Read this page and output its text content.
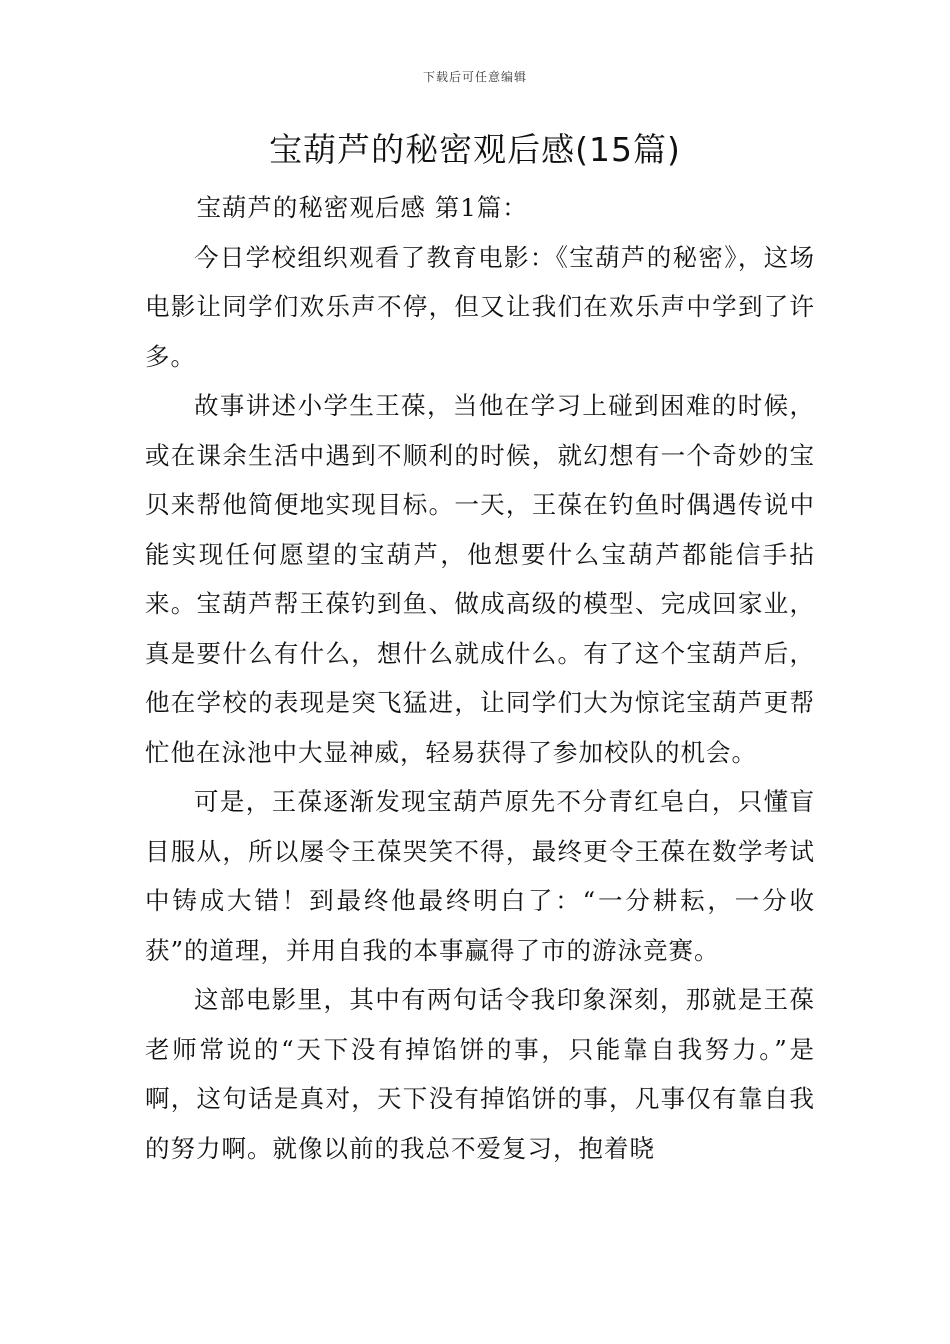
下载后可任意编辑
宝葫芦的秘密观后感(15篇)

宝葫芦的秘密观后感 第1篇：

今日学校组织观看了教育电影：《宝葫芦的秘密》，这场电影让同学们欢乐声不停，但又让我们在欢乐声中学到了许多。

故事讲述小学生王葆，当他在学习上碰到困难的时候，或在课余生活中遇到不顺利的时候，就幻想有一个奇妙的宝贝来帮他简便地实现目标。一天，王葆在钓鱼时偶遇传说中能实现任何愿望的宝葫芦，他想要什么宝葫芦都能信手拈来。宝葫芦帮王葆钓到鱼、做成高级的模型、完成回家业，真是要什么有什么，想什么就成什么。有了这个宝葫芦后，他在学校的表现是突飞猛进，让同学们大为惊诧宝葫芦更帮忙他在泳池中大显神威，轻易获得了参加校队的机会。

可是，王葆逐渐发现宝葫芦原先不分青红皂白，只懂盲目服从，所以屡令王葆哭笑不得，最终更令王葆在数学考试中铸成大错！到最终他最终明白了：“一分耕耘，一分收获”的道理，并用自我的本事赢得了市的游泳竞赛。

这部电影里，其中有两句话令我印象深刻，那就是王葆老师常说的“天下没有掉馅饼的事，只能靠自我努力。”是啊，这句话是真对，天下没有掉馅饼的事，凡事仅有靠自我的努力啊。就像以前的我总不爱复习，抱着晓
